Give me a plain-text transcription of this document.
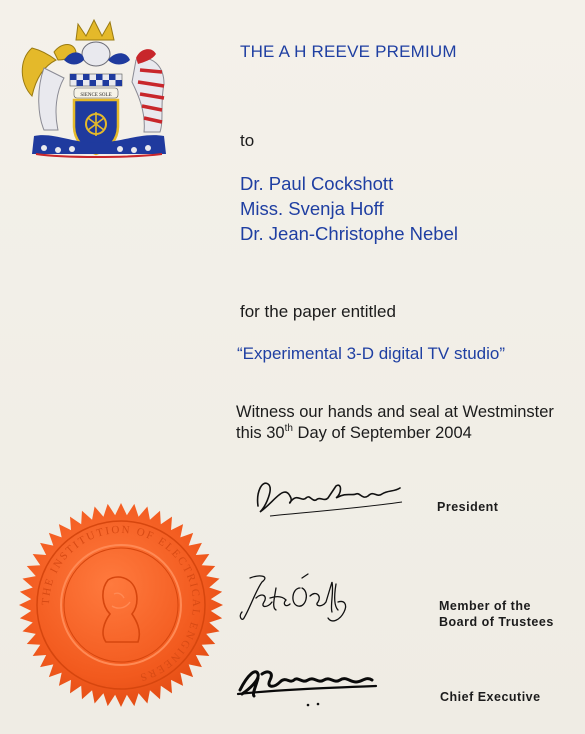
SIENCE SOLE
THE A H REEVE PREMIUM
to
Dr. Paul Cockshott
Miss. Svenja Hoff
Dr. Jean-Christophe Nebel
for the paper entitled
“Experimental 3-D digital TV studio”
Witness our hands and seal at Westminster
this 30th Day of September 2004
President
Member of the
Board of Trustees
Chief Executive
THE INSTITUTION OF ELECTRICAL ENGINEERS
